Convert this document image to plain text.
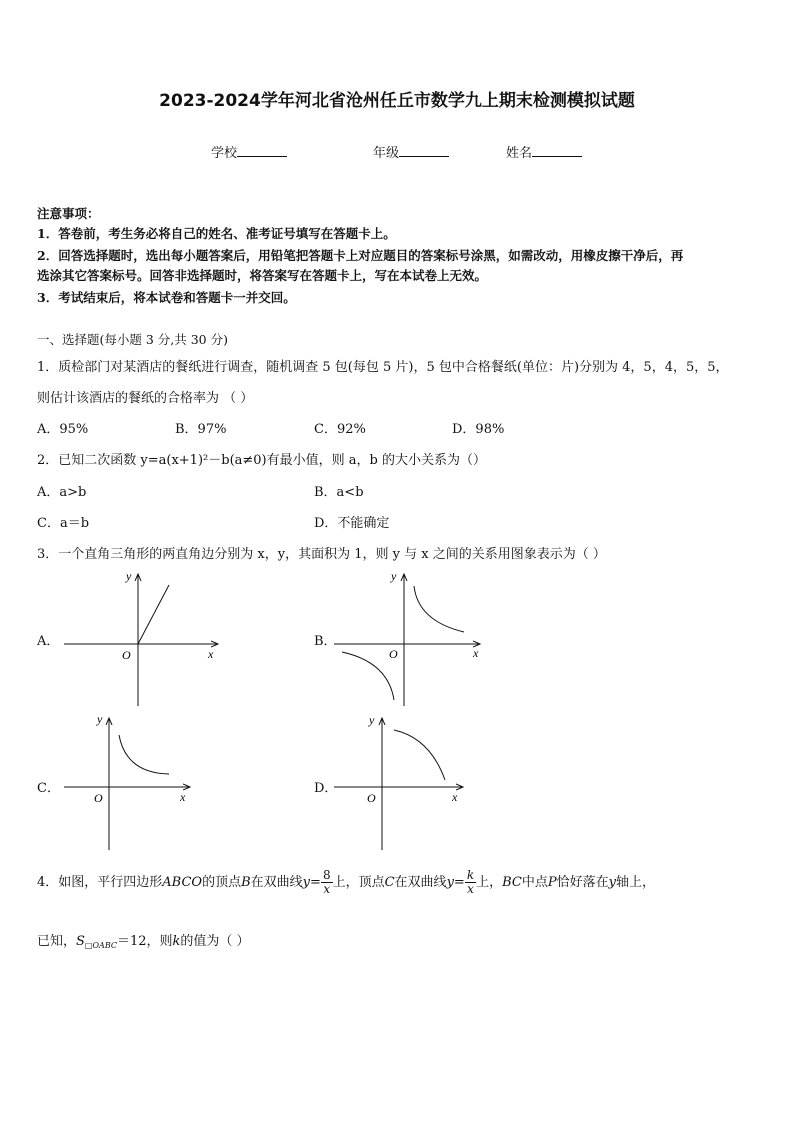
2023-2024学年河北省沧州任丘市数学九上期末检测模拟试题
学校	年级	姓名
注意事项：
1．答卷前，考生务必将自己的姓名、准考证号填写在答题卡上。
2．回答选择题时，选出每小题答案后，用铅笔把答题卡上对应题目的答案标号涂黑，如需改动，用橡皮擦干净后，再
选涂其它答案标号。回答非选择题时，将答案写在答题卡上，写在本试卷上无效。
3．考试结束后，将本试卷和答题卡一并交回。
一、选择题(每小题 3 分,共 30 分)
1．质检部门对某酒店的餐纸进行调查，随机调查 5 包(每包 5 片)，5 包中合格餐纸(单位：片)分别为 4，5，4，5，5，
则估计该酒店的餐纸的合格率为 （ ）
A．95%	B．97%	C．92%	D．98%
2．已知二次函数 y=a(x+1)²－b(a≠0)有最小值，则 a，b 的大小关系为（）
A．a>b	B．a<b
C．a＝b	D．不能确定
3．一个直角三角形的两直角边分别为 x，y，其面积为 1，则 y 与 x 之间的关系用图象表示为（ ）
A．	B．
C．	D．
x
y
O	x
y
O
x
y
O	x
y
O
4．如图，平行四边形ABCO的顶点B在双曲线$y= \frac{8}{x}$ 上，顶点C在双曲线$y= \frac{k}{x}$ 上，BC中点P恰好落在y轴上，
已知，$S_{□OABC}=12$，则k的值为（ ）
